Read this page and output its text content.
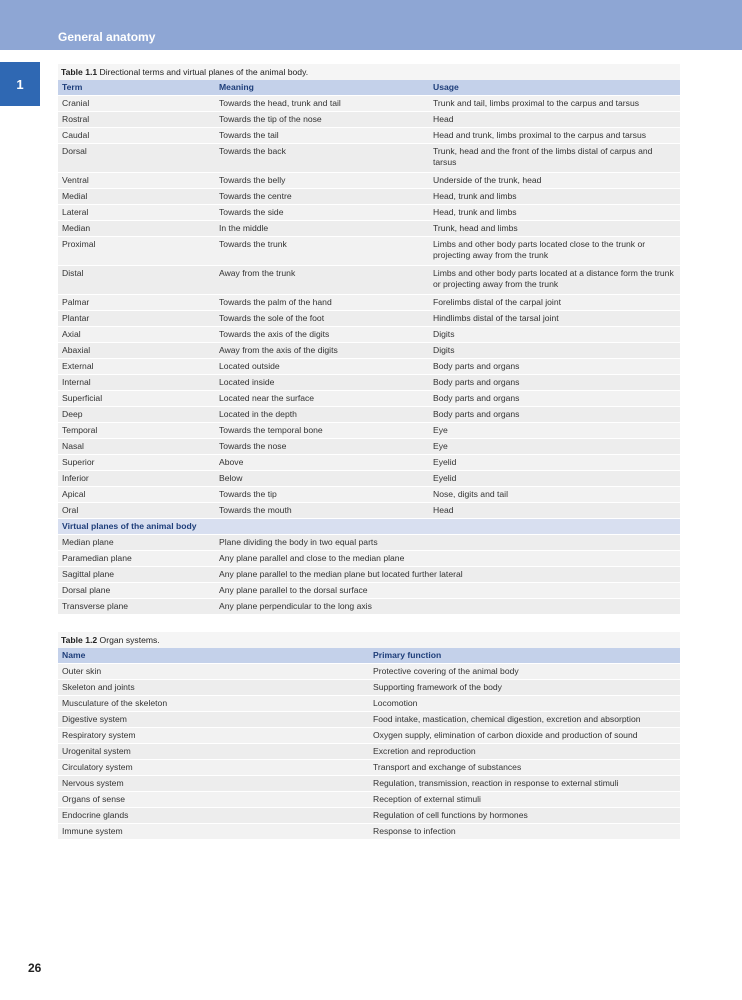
General anatomy
1
Table 1.1 Directional terms and virtual planes of the animal body.
Term	Meaning	Usage
Cranial	Towards the head, trunk and tail	Trunk and tail, limbs proximal to the carpus and tarsus
Rostral	Towards the tip of the nose	Head
Caudal	Towards the tail	Head and trunk, limbs proximal to the carpus and tarsus
Dorsal	Towards the back	Trunk, head and the front of the limbs distal of carpus and tarsus
Ventral	Towards the belly	Underside of the trunk, head
Medial	Towards the centre	Head, trunk and limbs
Lateral	Towards the side	Head, trunk and limbs
Median	In the middle	Trunk, head and limbs
Proximal	Towards the trunk	Limbs and other body parts located close to the trunk or projecting away from the trunk
Distal	Away from the trunk	Limbs and other body parts located at a distance form the trunk or projecting away from the trunk
Palmar	Towards the palm of the hand	Forelimbs distal of the carpal joint
Plantar	Towards the sole of the foot	Hindlimbs distal of the tarsal joint
Axial	Towards the axis of the digits	Digits
Abaxial	Away from the axis of the digits	Digits
External	Located outside	Body parts and organs
Internal	Located inside	Body parts and organs
Superficial	Located near the surface	Body parts and organs
Deep	Located in the depth	Body parts and organs
Temporal	Towards the temporal bone	Eye
Nasal	Towards the nose	Eye
Superior	Above	Eyelid
Inferior	Below	Eyelid
Apical	Towards the tip	Nose, digits and tail
Oral	Towards the mouth	Head
Virtual planes of the animal body		
Median plane	Plane dividing the body in two equal parts	
Paramedian plane	Any plane parallel and close to the median plane	
Sagittal plane	Any plane parallel to the median plane but located further lateral	
Dorsal plane	Any plane parallel to the dorsal surface	
Transverse plane	Any plane perpendicular to the long axis	
Table 1.2 Organ systems.
Name	Primary function
Outer skin	Protective covering of the animal body
Skeleton and joints	Supporting framework of the body
Musculature of the skeleton	Locomotion
Digestive system	Food intake, mastication, chemical digestion, excretion and absorption
Respiratory system	Oxygen supply, elimination of carbon dioxide and production of sound
Urogenital system	Excretion and reproduction
Circulatory system	Transport and exchange of substances
Nervous system	Regulation, transmission, reaction in response to external stimuli
Organs of sense	Reception of external stimuli
Endocrine glands	Regulation of cell functions by hormones
Immune system	Response to infection
26
